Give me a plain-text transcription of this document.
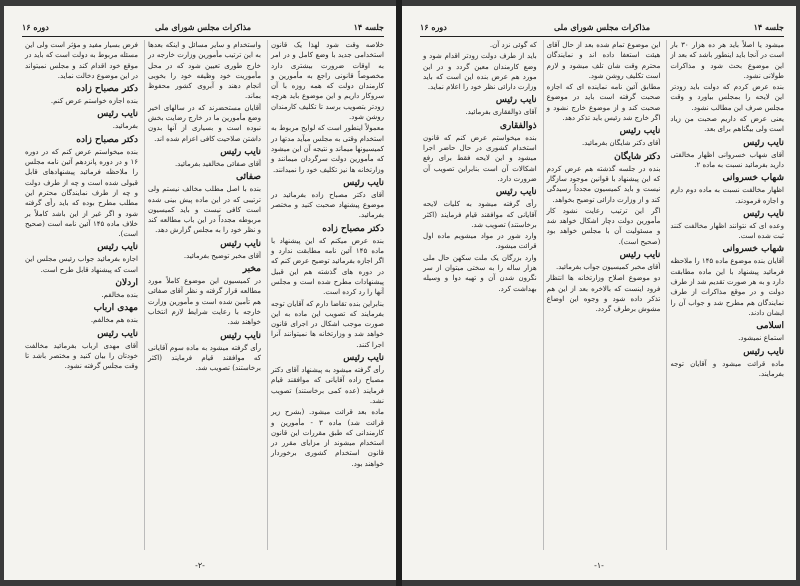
جلسه ۱۴
مذاکرات مجلس شورای ملی
دوره ۱۶

خلاصه وقت شود لهذا یک قانون استخدامی جدید با وضع کامل و در امر به اوقات ضرورت بیشتری دارد مخصوصاً قانونی راجع به مأمورین و کارمندان دولت که همه روزه با آن سروکار داریم و این موضوع باید هرچه زودتر بتصویب برسد تا تکلیف کارمندان روشن شود.

معمولاً اینطور است که لوایح مربوط به استخدام وقتی به مجلس میآید مدتها در کمیسیونها میماند و نتیجه آن این میشود که مأمورین دولت سرگردان میمانند و وزارتخانه ها نیز تکلیف خود را نمیدانند.

نایب رئیس

آقای دکتر مصباح زاده بفرمائید در موضوع پیشنهاد صحبت کنید و مختصر بفرمائید.

دکتر مصباح زاده

بنده عرض میکنم که این پیشنهاد با ماده ۱۴۵ آئین نامه مطابقت ندارد و اگر اجازه بفرمائید توضیح عرض کنم که در دوره های گذشته هم این قبیل پیشنهادات مطرح شده است و مجلس آنها را رد کرده است.

بنابراین بنده تقاضا دارم که آقایان توجه بفرمایند که تصویب این ماده به این صورت موجب اشکال در اجرای قانون خواهد شد و وزارتخانه ها نمیتوانند آنرا اجرا کنند.

نایب رئیس

رأی گرفته میشود به پیشنهاد آقای دکتر مصباح زاده آقایانی که موافقند قیام فرمایند (عده کمی برخاستند) تصویب نشد.

ماده بعد قرائت میشود. (بشرح زیر قرائت شد) ماده ۳ - مأمورین و کارمندانی که طبق مقررات این قانون استخدام میشوند از مزایای مقرر در قانون استخدام کشوری برخوردار خواهند بود.

واستخدام و سایر مسائل و اینکه بعدها به این ترتیب مأمورین وزارت خارجه در خارج طوری تعیین شود که در محل مأموریت خود وظیفه خود را بخوبی انجام دهند و آبروی کشور محفوظ بماند.

آقایان مستحضرند که در سالهای اخیر وضع مأمورین ما در خارج رضایت بخش نبوده است و بسیاری از آنها بدون داشتن صلاحیت کافی اعزام شده اند.

نایب رئیس

آقای صفائی مخالفید بفرمائید.

صفائی

بنده با اصل مطلب مخالف نیستم ولی ترتیبی که در این ماده پیش بینی شده است کافی نیست و باید کمیسیون مربوطه مجدداً در این باب مطالعه کند و نظر خود را به مجلس گزارش دهد.

نایب رئیس

آقای مخبر توضیح بفرمائید.

مخبر

در کمیسیون این موضوع کاملاً مورد مطالعه قرار گرفته و نظر آقای صفائی هم تأمین شده است و مأمورین وزارت خارجه با رعایت شرایط لازم انتخاب خواهند شد.

نایب رئیس

رأی گرفته میشود به ماده سوم آقایانی که موافقند قیام فرمایند (اکثر برخاستند) تصویب شد.

فرض بسیار مفید و مؤثر است ولی این مسئله مربوط به دولت است که باید در موقع خود اقدام کند و مجلس نمیتواند در این موضوع دخالت نماید.

دکتر مصباح زاده

بنده اجازه خواستم عرض کنم.

نایب رئیس

بفرمائید.

دکتر مصباح زاده

بنده میخواستم عرض کنم که در دوره ۱۶ و در دوره پانزدهم آئین نامه مجلس را ملاحظه فرمائید پیشنهادهای قابل قبولی شده است و چه از طرف دولت و چه از طرف نمایندگان محترم این مطلب مطرح بوده که باید رأی گرفته شود و اگر غیر از این باشد کاملاً بر خلاف ماده ۱۴۵ آئین نامه است (صحیح است).

نایب رئیس

اجازه بفرمائید جواب رئیس مجلس این است که پیشنهاد قابل طرح است.

اردلان

بنده مخالفم.

مهدی ارباب

بنده هم مخالفم.

نایب رئیس

آقای مهدی ارباب بفرمائید مخالفت خودتان را بیان کنید و مختصر باشد تا وقت مجلس گرفته نشود.

-۲-
جلسه ۱۴
مذاکرات مجلس شورای ملی
دوره ۱۶

میشود یا اصلاً باید هر ده هزار ۳۰ بار است در آنجا باید اینطور باشد که بعد از این موضوع بحث شود و مذاکرات طولانی نشود.

بنده عرض کردم که دولت باید زودتر این لایحه را بمجلس بیاورد و وقت مجلس صرف این مطالب نشود.

یعنی عرض که داریم صحبت من زیاد است ولی بیگناهم برای بعد.

نایب رئیس

آقای شهاب خسروانی اظهار مخالفتی دارید بفرمائید نسبت به ماده ۲.

شهاب خسروانی

اظهار مخالفت نسبت به ماده دوم دارم و اجازه فرمودند.

نایب رئیس

وعده ای که نتوانند اظهار مخالفت کنند ثبت شده است.

شهاب خسروانی

آقایان بنده موضوع ماده ۱۴۵ را ملاحظه فرمائید پیشنهاد با این ماده مطابقت دارد و به هر صورت تقدیم شد از طرف دولت و در موقع مذاکرات از طرف نمایندگان هم مطرح شد و جواب آن را ایشان دادند.

اسلامی

استماع نمیشود.

نایب رئیس

ماده قرائت میشود و آقایان توجه بفرمایند.

این موضوع تمام شده بعد از حال آقای هیئت استعفا داده اند و نمایندگان محترم وقت شان تلف میشود و لازم است تکلیف روشن شود.

مطابق آئین نامه نماینده ای که اجازه صحبت گرفته است باید در موضوع صحبت کند و از موضوع خارج نشود و اگر خارج شد رئیس باید تذکر دهد.

نایب رئیس

آقای دکتر شایگان بفرمائید.

دکتر شایگان

بنده در جلسه گذشته هم عرض کردم که این پیشنهاد با قوانین موجود سازگار نیست و باید کمیسیون مجدداً رسیدگی کند و از وزارت دارائی توضیح بخواهد.

اگر این ترتیب رعایت نشود کار مأمورین دولت دچار اشکال خواهد شد و مسئولیت آن با مجلس خواهد بود (صحیح است).

نایب رئیس

آقای مخبر کمیسیون جواب بفرمائید.

دو موضوع اصلاح وزارتخانه ها انتظار فرود اینست که بالاخره بعد از این هم تذکر داده شود و وجوه این اوضاع مشوش برطرف گردد.

که گوئی نزد آن.

باید از طرف دولت زودتر اقدام شود و وضع کارمندان معین گردد و در این مورد هم عرض بنده این است که باید وزارت دارائی نظر خود را اعلام نماید.

نایب رئیس

آقای ذوالفقاری بفرمائید.

ذوالفقاری

بنده میخواستم عرض کنم که قانون استخدام کشوری در حال حاضر اجرا میشود و این لایحه فقط برای رفع اشکالات آن است بنابراین تصویب آن ضرورت دارد.

نایب رئیس

رأی گرفته میشود به کلیات لایحه آقایانی که موافقند قیام فرمایند (اکثر برخاستند) تصویب شد.

وارد شور در مواد میشویم ماده اول قرائت میشود.

وارد بزرگان یک ملت سکهن حال ملی هزار ساله را به سختی میتوان از سر نگرون شدن آن و تهیه دوا و وسیله بهداشت کرد.

-۱-
